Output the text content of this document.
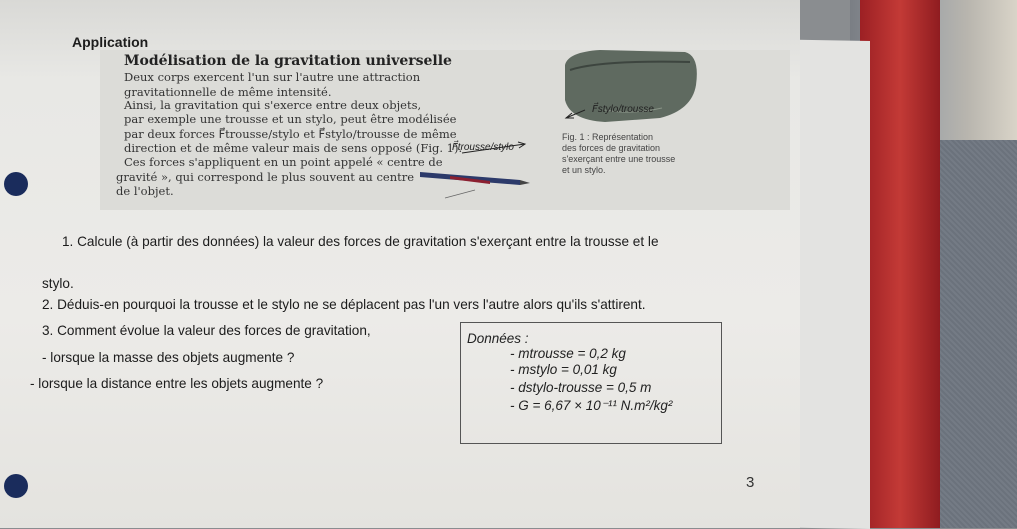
Application
Modélisation de la gravitation universelle
Deux corps exercent l'un sur l'autre une attraction
gravitationnelle de même intensité.
Ainsi, la gravitation qui s'exerce entre deux objets,
par exemple une trousse et un stylo, peut être modélisée
par deux forces F⃗trousse/stylo et F⃗stylo/trousse de même
direction et de même valeur mais de sens opposé (Fig. 1).
Ces forces s'appliquent en un point appelé « centre de
gravité », qui correspond le plus souvent au centre
de l'objet.
F⃗stylo/trousse
F⃗trousse/stylo
Fig. 1 : Représentation
des forces de gravitation
s'exerçant entre une trousse
et un stylo.
1. Calcule (à partir des données) la valeur des forces de gravitation s'exerçant entre la trousse et le
stylo.
2. Déduis-en pourquoi la trousse et le stylo ne se déplacent pas l'un vers l'autre alors qu'ils s'attirent.
3. Comment évolue la valeur des forces de gravitation,
- lorsque la masse des objets augmente ?
- lorsque la distance entre les objets augmente ?
Données :
- mtrousse = 0,2 kg
- mstylo = 0,01 kg
- dstylo-trousse = 0,5 m
- G = 6,67 × 10⁻¹¹ N.m²/kg²
3
